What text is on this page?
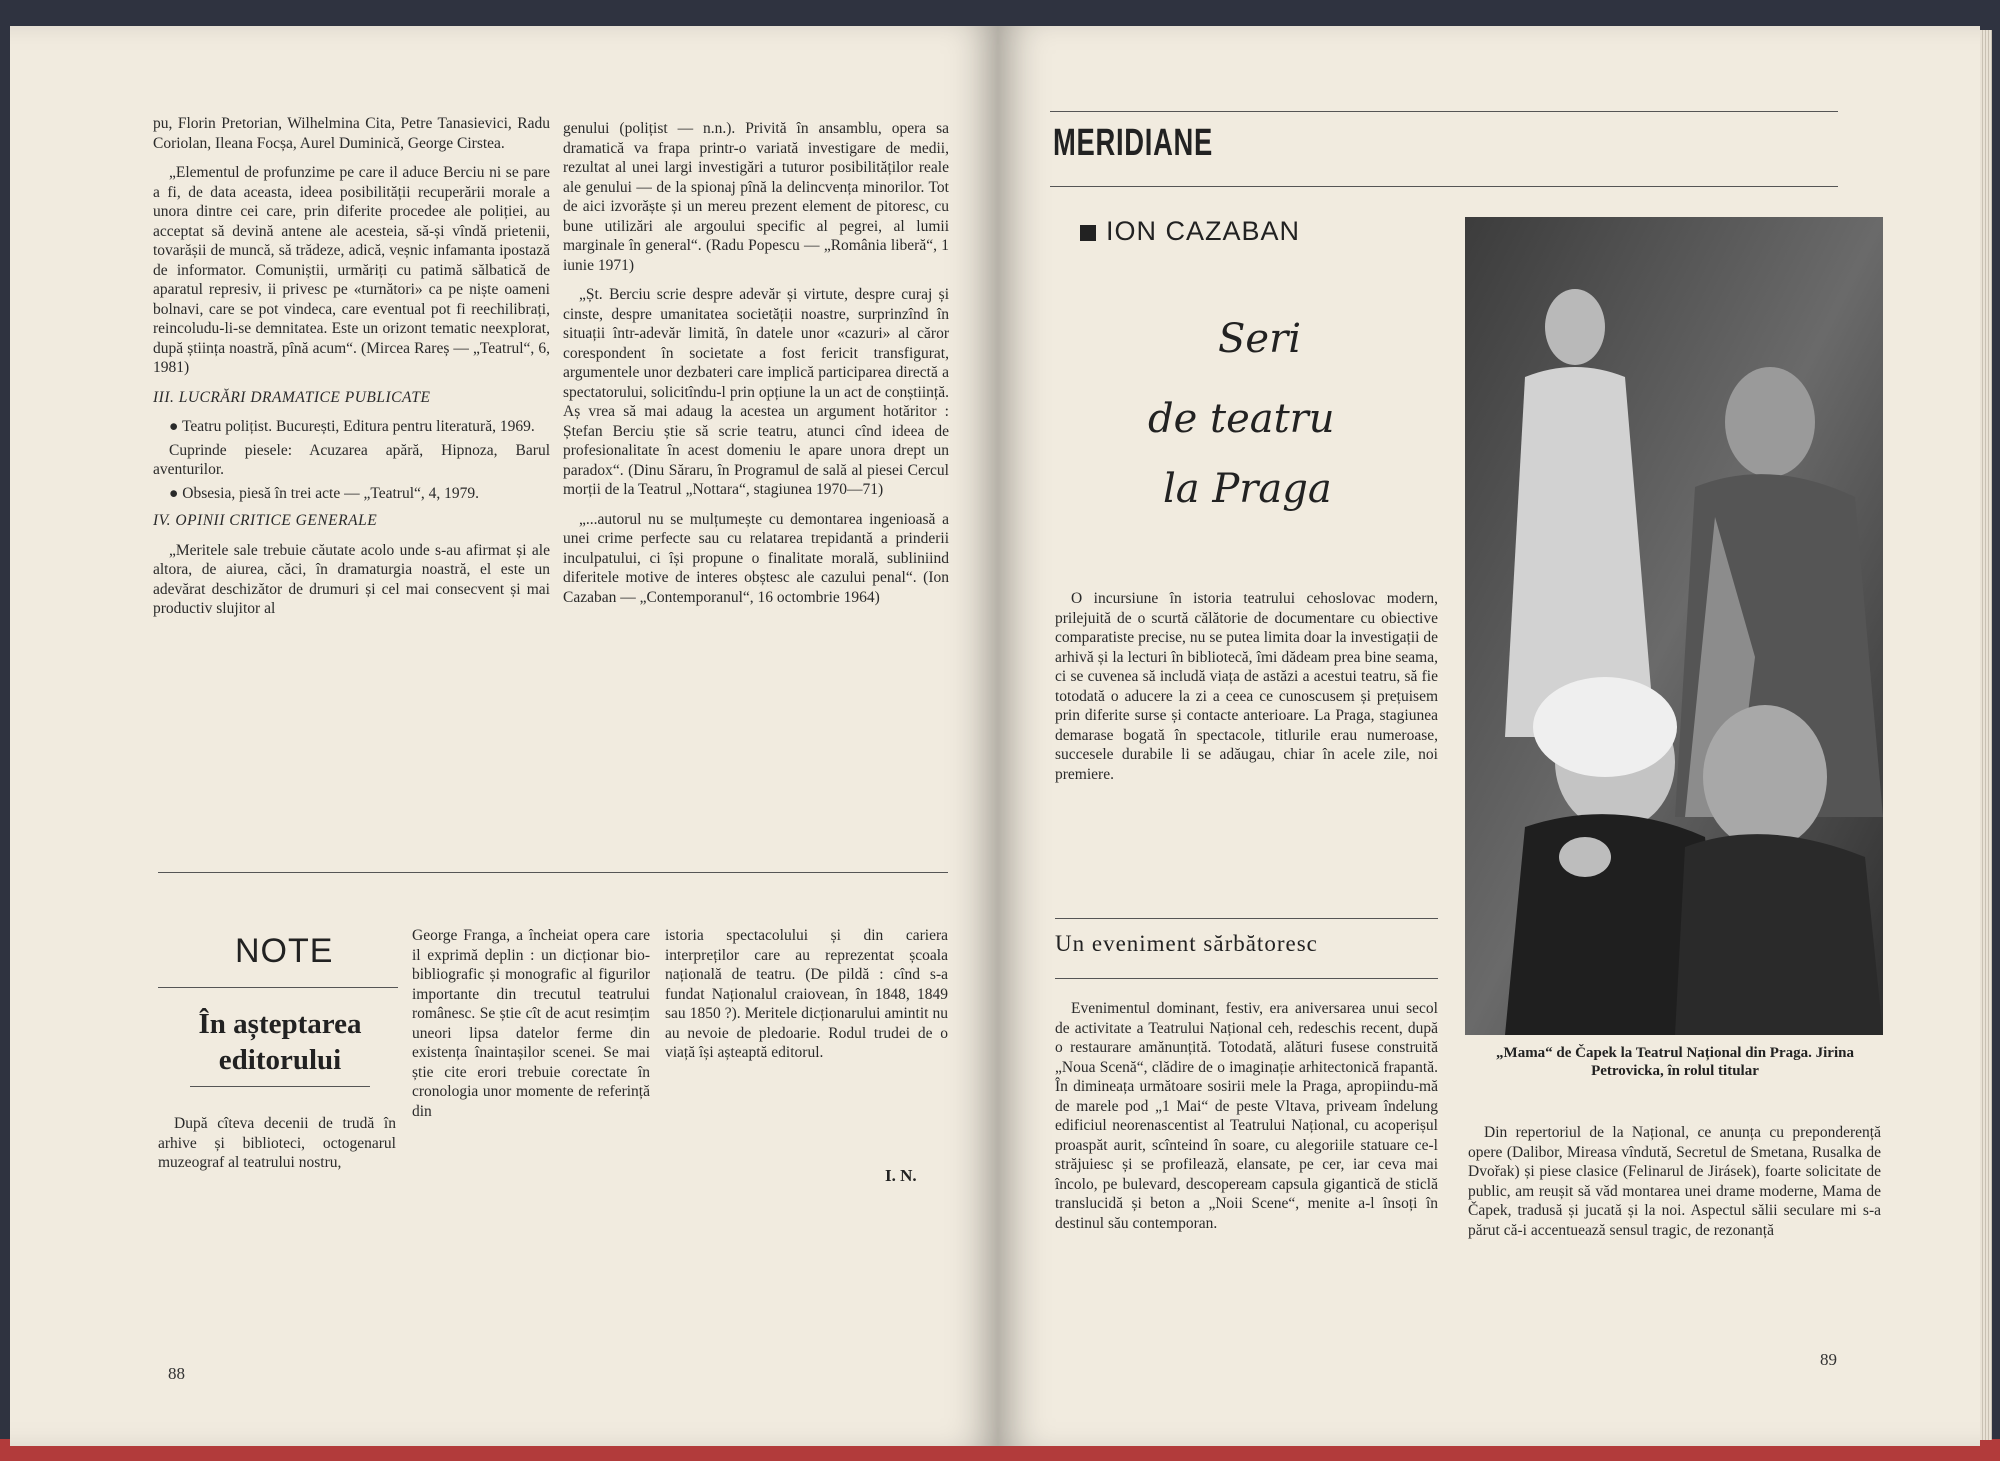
pu, Florin Pretorian, Wilhelmina Cita, Petre Tanasievici, Radu Coriolan, Ileana Focșa, Aurel Duminică, George Cirstea.

„Elementul de profunzime pe care il aduce Berciu ni se pare a fi, de data aceasta, ideea posibilității recuperării morale a unora dintre cei care, prin diferite procedee ale poliției, au acceptat să devină antene ale acesteia, să-și vîndă prietenii, tovarășii de muncă, să trădeze, adică, veșnic infamanta ipostază de informator. Comuniștii, urmăriți cu patimă sălbatică de aparatul represiv, ii privesc pe «turnători» ca pe niște oameni bolnavi, care se pot vindeca, care eventual pot fi reechilibrați, reincoludu-li-se demnitatea. Este un orizont tematic neexplorat, după știința noastră, pînă acum“. (Mircea Rareș — „Teatrul“, 6, 1981)

III. LUCRĂRI DRAMATICE PUBLICATE

● Teatru polițist. București, Editura pentru literatură, 1969.

Cuprinde piesele: Acuzarea apără, Hipnoza, Barul aventurilor.

● Obsesia, piesă în trei acte — „Teatrul“, 4, 1979.

IV. OPINII CRITICE GENERALE

„Meritele sale trebuie căutate acolo unde s-au afirmat și ale altora, de aiurea, căci, în dramaturgia noastră, el este un adevărat deschizător de drumuri și cel mai consecvent și mai productiv slujitor al

genului (polițist — n.n.). Privită în ansamblu, opera sa dramatică va frapa printr-o variată investigare de medii, rezultat al unei largi investigări a tuturor posibilităților reale ale genului — de la spionaj pînă la delincvența minorilor. Tot de aici izvorăște și un mereu prezent element de pitoresc, cu bune utilizări ale argoului specific al pegrei, al lumii marginale în general“. (Radu Popescu — „România liberă“, 1 iunie 1971)

„Șt. Berciu scrie despre adevăr și virtute, despre curaj și cinste, despre umanitatea societății noastre, surprinzînd în situații într-adevăr limită, în datele unor «cazuri» al căror corespondent în societate a fost fericit transfigurat, argumentele unor dezbateri care implică participarea directă a spectatorului, solicitîndu-l prin opțiune la un act de conștiință. Aș vrea să mai adaug la acestea un argument hotăritor : Ștefan Berciu știe să scrie teatru, atunci cînd ideea de profesionalitate în acest domeniu le apare unora drept un paradox“. (Dinu Săraru, în Programul de sală al piesei Cercul morții de la Teatrul „Nottara“, stagiunea 1970—71)

„...autorul nu se mulțumește cu demontarea ingenioasă a unei crime perfecte sau cu relatarea trepidantă a prinderii inculpatului, ci își propune o finalitate morală, subliniind diferitele motive de interes obștesc ale cazului penal“. (Ion Cazaban — „Contemporanul“, 16 octombrie 1964)

NOTE
În așteptarea editorului

După cîteva decenii de trudă în arhive și biblioteci, octogenarul muzeograf al teatrului nostru,

George Franga, a încheiat opera care il exprimă deplin : un dicționar bio-bibliografic și monografic al figurilor importante din trecutul teatrului românesc. Se știe cît de acut resimțim uneori lipsa datelor ferme din existența înaintașilor scenei. Se mai știe cite erori trebuie corectate în cronologia unor momente de referință din

istoria spectacolului și din cariera interpreților care au reprezentat școala națională de teatru. (De pildă : cînd s-a fundat Naționalul craiovean, în 1848, 1849 sau 1850 ?). Meritele dicționarului amintit nu au nevoie de pledoarie. Rodul trudei de o viață își așteaptă editorul.

I. N.
88
MERIDIANE
ION CAZABAN
Seri
de teatru
la Praga

O incursiune în istoria teatrului cehoslovac modern, prilejuită de o scurtă călătorie de documentare cu obiective comparatiste precise, nu se putea limita doar la investigații de arhivă și la lecturi în bibliotecă, îmi dădeam prea bine seama, ci se cuvenea să includă viața de astăzi a acestui teatru, să fie totodată o aducere la zi a ceea ce cunoscusem și prețuisem prin diferite surse și contacte anterioare. La Praga, stagiunea demarase bogată în spectacole, titlurile erau numeroase, succesele durabile li se adăugau, chiar în acele zile, noi premiere.

Un eveniment sărbătoresc

Evenimentul dominant, festiv, era aniversarea unui secol de activitate a Teatrului Național ceh, redeschis recent, după o restaurare amănunțită. Totodată, alături fusese construită „Noua Scenă“, clădire de o imaginație arhitectonică frapantă. În dimineața următoare sosirii mele la Praga, apropiindu-mă de marele pod „1 Mai“ de peste Vltava, priveam îndelung edificiul neorenascentist al Teatrului Național, cu acoperișul proaspăt aurit, scînteind în soare, cu alegoriile statuare ce-l străjuiesc și se profilează, elansate, pe cer, iar ceva mai încolo, pe bulevard, descopeream capsula gigantică de sticlă translucidă și beton a „Noii Scene“, menite a-l însoți în destinul său contemporan.

„Mama“ de Čapek la Teatrul Național din Praga. Jirina Petrovicka, în rolul titular

Din repertoriul de la Național, ce anunța cu preponderență opere (Dalibor, Mireasa vîndută, Secretul de Smetana, Rusalka de Dvořak) și piese clasice (Felinarul de Jirásek), foarte solicitate de public, am reușit să văd montarea unei drame moderne, Mama de Čapek, tradusă și jucată și la noi. Aspectul sălii seculare mi s-a părut că-i accentuează sensul tragic, de rezonanță

89
